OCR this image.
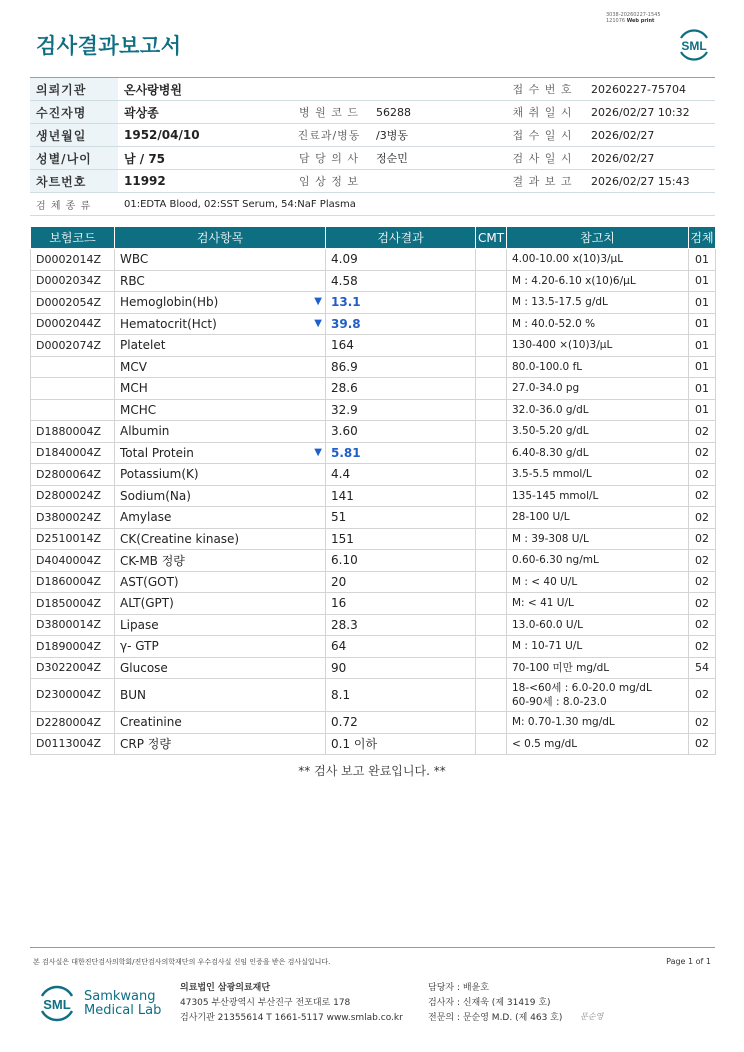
3038-20260227-1545
121076 Web print
검사결과보고서	SML
의뢰기관	온사랑병원			접 수 번 호	20260227-75704
수진자명	곽상종	병 원 코 드	56288	채 취 일 시	2026/02/27 10:32
생년월일	1952/04/10	진료과/병동	/3병동	접 수 일 시	2026/02/27
성별/나이	남 / 75	담 당 의 사	정순민	검 사 일 시	2026/02/27
차트번호	11992	임 상 정 보		결 과 보 고	2026/02/27 15:43
검 체 종 류	01:EDTA Blood, 02:SST Serum, 54:NaF Plasma				
보험코드	검사항목	검사결과	CMT	참고치	검체
D0002014Z	WBC	4.09		4.00-10.00 x(10)3/μL	01
D0002034Z	RBC	4.58		M : 4.20-6.10 x(10)6/μL	01
D0002054Z	Hemoglobin(Hb) ▼	13.1		M : 13.5-17.5 g/dL	01
D0002044Z	Hematocrit(Hct) ▼	39.8		M : 40.0-52.0 %	01
D0002074Z	Platelet	164		130-400 ×(10)3/μL	01
	MCV	86.9		80.0-100.0 fL	01
	MCH	28.6		27.0-34.0 pg	01
	MCHC	32.9		32.0-36.0 g/dL	01
D1880004Z	Albumin	3.60		3.50-5.20 g/dL	02
D1840004Z	Total Protein ▼	5.81		6.40-8.30 g/dL	02
D2800064Z	Potassium(K)	4.4		3.5-5.5 mmol/L	02
D2800024Z	Sodium(Na)	141		135-145 mmol/L	02
D3800024Z	Amylase	51		28-100 U/L	02
D2510014Z	CK(Creatine kinase)	151		M : 39-308 U/L	02
D4040004Z	CK-MB 정량	6.10		0.60-6.30 ng/mL	02
D1860004Z	AST(GOT)	20		M : < 40 U/L	02
D1850004Z	ALT(GPT)	16		M: < 41 U/L	02
D3800014Z	Lipase	28.3		13.0-60.0 U/L	02
D1890004Z	γ- GTP	64		M : 10-71 U/L	02
D3022004Z	Glucose	90		70-100 미만 mg/dL	54
D2300004Z	BUN	8.1		18-<60세 : 6.0-20.0 mg/dL
60-90세 : 8.0-23.0	02
D2280004Z	Creatinine	0.72		M: 0.70-1.30 mg/dL	02
D0113004Z	CRP 정량	0.1 이하		< 0.5 mg/dL	02
** 검사 보고 완료입니다. **
본 검사실은 대한진단검사의학회/진단검사의학재단의 우수검사실 신임 인증을 받은 검사실입니다.	Page 1 of 1
SML
Samkwang
Medical Lab
의료법인 삼광의료재단
47305 부산광역시 부산진구 전포대로 178
검사기관 21355614 T 1661-5117 www.smlab.co.kr
담당자 : 배윤호
검사자 : 신재욱 (제 31419 호)
전문의 : 문순영 M.D. (제 463 호) 문순영
